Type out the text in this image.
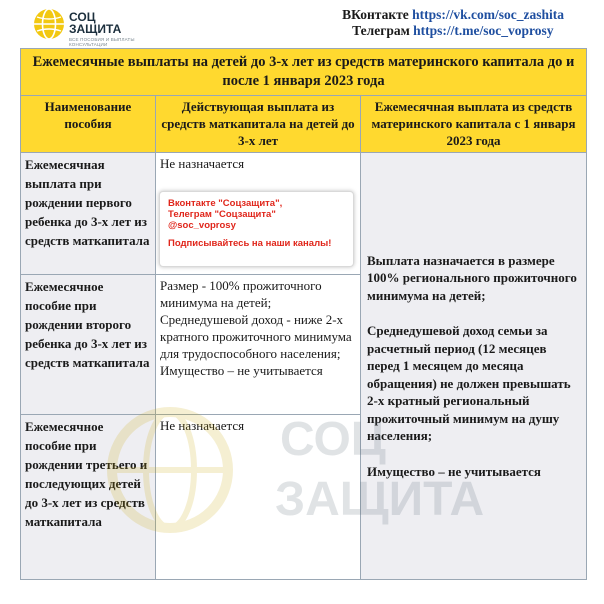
СОЦ
ЗАЩИТА
ВСЕ ПОСОБИЯ И ВЫПЛАТЫ
КОНСУЛЬТАЦИИ
ВКонтакте https://vk.com/soc_zashita
Телеграм https://t.me/soc_voprosy
Ежемесячные выплаты на детей до 3-х лет из средств материнского капитала до и после 1 января 2023 года		
Наименование пособия	Действующая выплата из средств маткапитала на детей до 3-х лет	Ежемесячная выплата из средств материнского капитала с 1 января 2023 года
Ежемесячная выплата при рождении первого ребенка до 3-х лет из средств маткапитала	Не назначается	Выплата назначается в размере 100% регионального прожиточного минимума на детей;

Среднедушевой доход семьи за расчетный период (12 месяцев перед 1 месяцем до месяца обращения) не должен превышать 2-х кратный региональный прожиточный минимум на душу населения;

Имущество – не учитывается

Ежемесячное пособие при рождении второго ребенка до 3-х лет из средств маткапитала	Размер - 100% прожиточного минимума на детей; Среднедушевой доход - ниже 2-х кратного прожиточного минимума для трудоспособного населения; Имущество – не учитывается	
Ежемесячное пособие при рождении третьего и последующих детей до 3-х лет из средств маткапитала	Не назначается	
Вконтакте "Соцзащита",
Телеграм "Соцзащита"
@soc_voprosy
Подписывайтесь на наши каналы!
